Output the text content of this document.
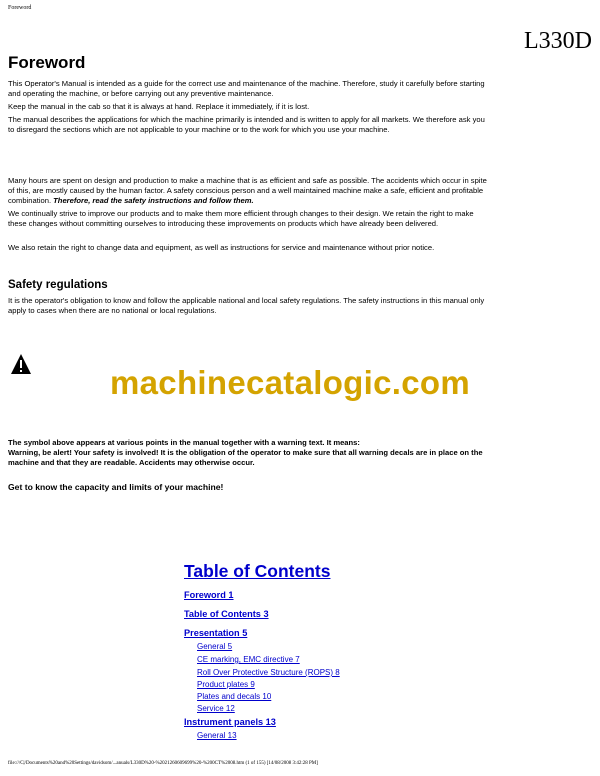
Foreword
L330D
Foreword
This Operator's Manual is intended as a guide for the correct use and maintenance of the machine. Therefore, study it carefully before starting and operating the machine, or before carrying out any preventive maintenance.
Keep the manual in the cab so that it is always at hand. Replace it immediately, if it is lost.
The manual describes the applications for which the machine primarily is intended and is written to apply for all markets. We therefore ask you to disregard the sections which are not applicable to your machine or to the work for which you use your machine.
Many hours are spent on design and production to make a machine that is as efficient and safe as possible. The accidents which occur in spite of this, are mostly caused by the human factor. A safety conscious person and a well maintained machine make a safe, efficient and profitable combination. Therefore, read the safety instructions and follow them.
We continually strive to improve our products and to make them more efficient through changes to their design. We retain the right to make these changes without committing ourselves to introducing these improvements on products which have already been delivered.
We also retain the right to change data and equipment, as well as instructions for service and maintenance without prior notice.
Safety regulations
It is the operator's obligation to know and follow the applicable national and local safety regulations. The safety instructions in this manual only apply to cases when there are no national or local regulations.
machinecatalogic.com
The symbol above appears at various points in the manual together with a warning text. It means:
Warning, be alert! Your safety is involved! It is the obligation of the operator to make sure that all warning decals are in place on the machine and that they are readable. Accidents may otherwise occur.
Get to know the capacity and limits of your machine!
Table of Contents
Foreword 1
Table of Contents 3
Presentation 5
General 5
CE marking, EMC directive 7
Roll Over Protective Structure (ROPS) 8
Product plates 9
Plates and decals 10
Service 12
Instrument panels 13
General 13
file:///C|/Documents%20and%20Settings/davidsom/...anuals/L330D%20-%2021260609699%20-%200CT%2008.htm (1 of 155) [14/08/2008 3:42:28 PM]
